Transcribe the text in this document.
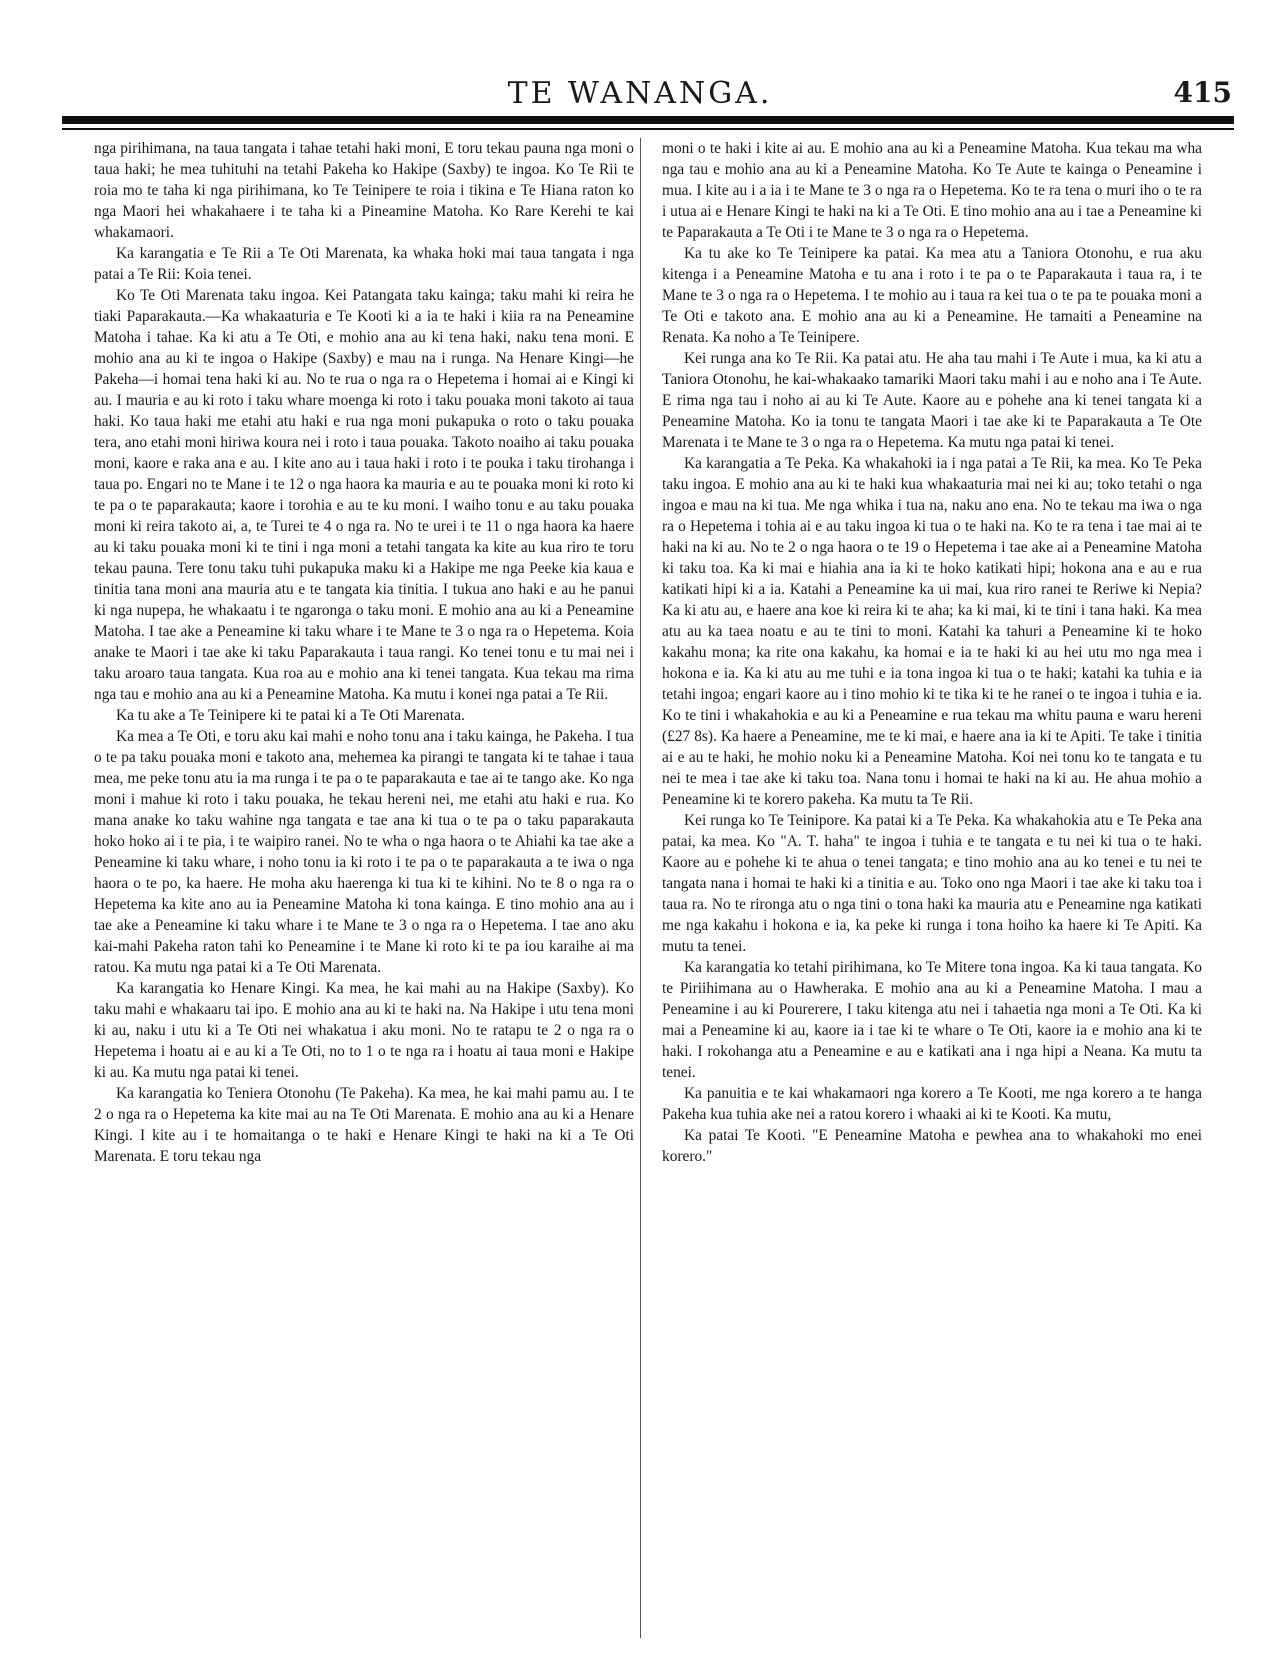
TE WANANGA.	415

nga pirihimana, na taua tangata i tahae tetahi haki moni, E toru tekau pauna nga moni o taua haki; he mea tuhituhi na tetahi Pakeha ko Hakipe (Saxby) te ingoa. Ko Te Rii te roia mo te taha ki nga pirihimana, ko Te Teinipere te roia i tikina e Te Hiana raton ko nga Maori hei whakahaere i te taha ki a Pineamine Matoha. Ko Rare Kerehi te kai whakamaori.

Ka karangatia e Te Rii a Te Oti Marenata, ka whaka hoki mai taua tangata i nga patai a Te Rii: Koia tenei.

Ko Te Oti Marenata taku ingoa. Kei Patangata taku kainga; taku mahi ki reira he tiaki Paparakauta.—Ka whakaaturia e Te Kooti ki a ia te haki i kiia ra na Peneamine Matoha i tahae. Ka ki atu a Te Oti, e mohio ana au ki tena haki, naku tena moni. E mohio ana au ki te ingoa o Hakipe (Saxby) e mau na i runga. Na Henare Kingi—he Pakeha—i homai tena haki ki au. No te rua o nga ra o Hepetema i homai ai e Kingi ki au. I mauria e au ki roto i taku whare moenga ki roto i taku pouaka moni takoto ai taua haki. Ko taua haki me etahi atu haki e rua nga moni pukapuka o roto o taku pouaka tera, ano etahi moni hiriwa koura nei i roto i taua pouaka. Takoto noaiho ai taku pouaka moni, kaore e raka ana e au. I kite ano au i taua haki i roto i te pouka i taku tirohanga i taua po. Engari no te Mane i te 12 o nga haora ka mauria e au te pouaka moni ki roto ki te pa o te paparakauta; kaore i torohia e au te ku moni. I waiho tonu e au taku pouaka moni ki reira takoto ai, a, te Turei te 4 o nga ra. No te urei i te 11 o nga haora ka haere au ki taku pouaka moni ki te tini i nga moni a tetahi tangata ka kite au kua riro te toru tekau pauna. Tere tonu taku tuhi pukapuka maku ki a Hakipe me nga Peeke kia kaua e tinitia tana moni ana mauria atu e te tangata kia tinitia. I tukua ano haki e au he panui ki nga nupepa, he whakaatu i te ngaronga o taku moni. E mohio ana au ki a Peneamine Matoha. I tae ake a Peneamine ki taku whare i te Mane te 3 o nga ra o Hepetema. Koia anake te Maori i tae ake ki taku Paparakauta i taua rangi. Ko tenei tonu e tu mai nei i taku aroaro taua tangata. Kua roa au e mohio ana ki tenei tangata. Kua tekau ma rima nga tau e mohio ana au ki a Peneamine Matoha. Ka mutu i konei nga patai a Te Rii.

Ka tu ake a Te Teinipere ki te patai ki a Te Oti Marenata.

Ka mea a Te Oti, e toru aku kai mahi e noho tonu ana i taku kainga, he Pakeha. I tua o te pa taku pouaka moni e takoto ana, mehemea ka pirangi te tangata ki te tahae i taua mea, me peke tonu atu ia ma runga i te pa o te paparakauta e tae ai te tango ake. Ko nga moni i mahue ki roto i taku pouaka, he tekau hereni nei, me etahi atu haki e rua. Ko mana anake ko taku wahine nga tangata e tae ana ki tua o te pa o taku paparakauta hoko hoko ai i te pia, i te waipiro ranei. No te wha o nga haora o te Ahiahi ka tae ake a Peneamine ki taku whare, i noho tonu ia ki roto i te pa o te paparakauta a te iwa o nga haora o te po, ka haere. He moha aku haerenga ki tua ki te kihini. No te 8 o nga ra o Hepetema ka kite ano au ia Peneamine Matoha ki tona kainga. E tino mohio ana au i tae ake a Peneamine ki taku whare i te Mane te 3 o nga ra o Hepetema. I tae ano aku kai-mahi Pakeha raton tahi ko Peneamine i te Mane ki roto ki te pa iou karaihe ai ma ratou. Ka mutu nga patai ki a Te Oti Marenata.

Ka karangatia ko Henare Kingi. Ka mea, he kai mahi au na Hakipe (Saxby). Ko taku mahi e whakaaru tai ipo. E mohio ana au ki te haki na. Na Hakipe i utu tena moni ki au, naku i utu ki a Te Oti nei whakatua i aku moni. No te ratapu te 2 o nga ra o Hepetema i hoatu ai e au ki a Te Oti, no to 1 o te nga ra i hoatu ai taua moni e Hakipe ki au. Ka mutu nga patai ki tenei.

Ka karangatia ko Teniera Otonohu (Te Pakeha). Ka mea, he kai mahi pamu au. I te 2 o nga ra o Hepetema ka kite mai au na Te Oti Marenata. E mohio ana au ki a Henare Kingi. I kite au i te homaitanga o te haki e Henare Kingi te haki na ki a Te Oti Marenata. E toru tekau nga

moni o te haki i kite ai au. E mohio ana au ki a Peneamine Matoha. Kua tekau ma wha nga tau e mohio ana au ki a Peneamine Matoha. Ko Te Aute te kainga o Peneamine i mua. I kite au i a ia i te Mane te 3 o nga ra o Hepetema. Ko te ra tena o muri iho o te ra i utua ai e Henare Kingi te haki na ki a Te Oti. E tino mohio ana au i tae a Peneamine ki te Paparakauta a Te Oti i te Mane te 3 o nga ra o Hepetema.

Ka tu ake ko Te Teinipere ka patai. Ka mea atu a Taniora Otonohu, e rua aku kitenga i a Peneamine Matoha e tu ana i roto i te pa o te Paparakauta i taua ra, i te Mane te 3 o nga ra o Hepetema. I te mohio au i taua ra kei tua o te pa te pouaka moni a Te Oti e takoto ana. E mohio ana au ki a Peneamine. He tamaiti a Peneamine na Renata. Ka noho a Te Teinipere.

Kei runga ana ko Te Rii. Ka patai atu. He aha tau mahi i Te Aute i mua, ka ki atu a Taniora Otonohu, he kai-whakaako tamariki Maori taku mahi i au e noho ana i Te Aute. E rima nga tau i noho ai au ki Te Aute. Kaore au e pohehe ana ki tenei tangata ki a Peneamine Matoha. Ko ia tonu te tangata Maori i tae ake ki te Paparakauta a Te Ote Marenata i te Mane te 3 o nga ra o Hepetema. Ka mutu nga patai ki tenei.

Ka karangatia a Te Peka. Ka whakahoki ia i nga patai a Te Rii, ka mea. Ko Te Peka taku ingoa. E mohio ana au ki te haki kua whakaaturia mai nei ki au; toko tetahi o nga ingoa e mau na ki tua. Me nga whika i tua na, naku ano ena. No te tekau ma iwa o nga ra o Hepetema i tohia ai e au taku ingoa ki tua o te haki na. Ko te ra tena i tae mai ai te haki na ki au. No te 2 o nga haora o te 19 o Hepetema i tae ake ai a Peneamine Matoha ki taku toa. Ka ki mai e hiahia ana ia ki te hoko katikati hipi; hokona ana e au e rua katikati hipi ki a ia. Katahi a Peneamine ka ui mai, kua riro ranei te Reriwe ki Nepia? Ka ki atu au, e haere ana koe ki reira ki te aha; ka ki mai, ki te tini i tana haki. Ka mea atu au ka taea noatu e au te tini to moni. Katahi ka tahuri a Peneamine ki te hoko kakahu mona; ka rite ona kakahu, ka homai e ia te haki ki au hei utu mo nga mea i hokona e ia. Ka ki atu au me tuhi e ia tona ingoa ki tua o te haki; katahi ka tuhia e ia tetahi ingoa; engari kaore au i tino mohio ki te tika ki te he ranei o te ingoa i tuhia e ia. Ko te tini i whakahokia e au ki a Peneamine e rua tekau ma whitu pauna e waru hereni (£27 8s). Ka haere a Peneamine, me te ki mai, e haere ana ia ki te Apiti. Te take i tinitia ai e au te haki, he mohio noku ki a Peneamine Matoha. Koi nei tonu ko te tangata e tu nei te mea i tae ake ki taku toa. Nana tonu i homai te haki na ki au. He ahua mohio a Peneamine ki te korero pakeha. Ka mutu ta Te Rii.

Kei runga ko Te Teinipore. Ka patai ki a Te Peka. Ka whakahokia atu e Te Peka ana patai, ka mea. Ko "A. T. haha" te ingoa i tuhia e te tangata e tu nei ki tua o te haki. Kaore au e pohehe ki te ahua o tenei tangata; e tino mohio ana au ko tenei e tu nei te tangata nana i homai te haki ki a tinitia e au. Toko ono nga Maori i tae ake ki taku toa i taua ra. No te rironga atu o nga tini o tona haki ka mauria atu e Peneamine nga katikati me nga kakahu i hokona e ia, ka peke ki runga i tona hoiho ka haere ki Te Apiti. Ka mutu ta tenei.

Ka karangatia ko tetahi pirihimana, ko Te Mitere tona ingoa. Ka ki taua tangata. Ko te Piriihimana au o Hawheraka. E mohio ana au ki a Peneamine Matoha. I mau a Peneamine i au ki Pourerere, I taku kitenga atu nei i tahaetia nga moni a Te Oti. Ka ki mai a Peneamine ki au, kaore ia i tae ki te whare o Te Oti, kaore ia e mohio ana ki te haki. I rokohanga atu a Peneamine e au e katikati ana i nga hipi a Neana. Ka mutu ta tenei.

Ka panuitia e te kai whakamaori nga korero a Te Kooti, me nga korero a te hanga Pakeha kua tuhia ake nei a ratou korero i whaaki ai ki te Kooti. Ka mutu,

Ka patai Te Kooti. "E Peneamine Matoha e pewhea ana to whakahoki mo enei korero."
